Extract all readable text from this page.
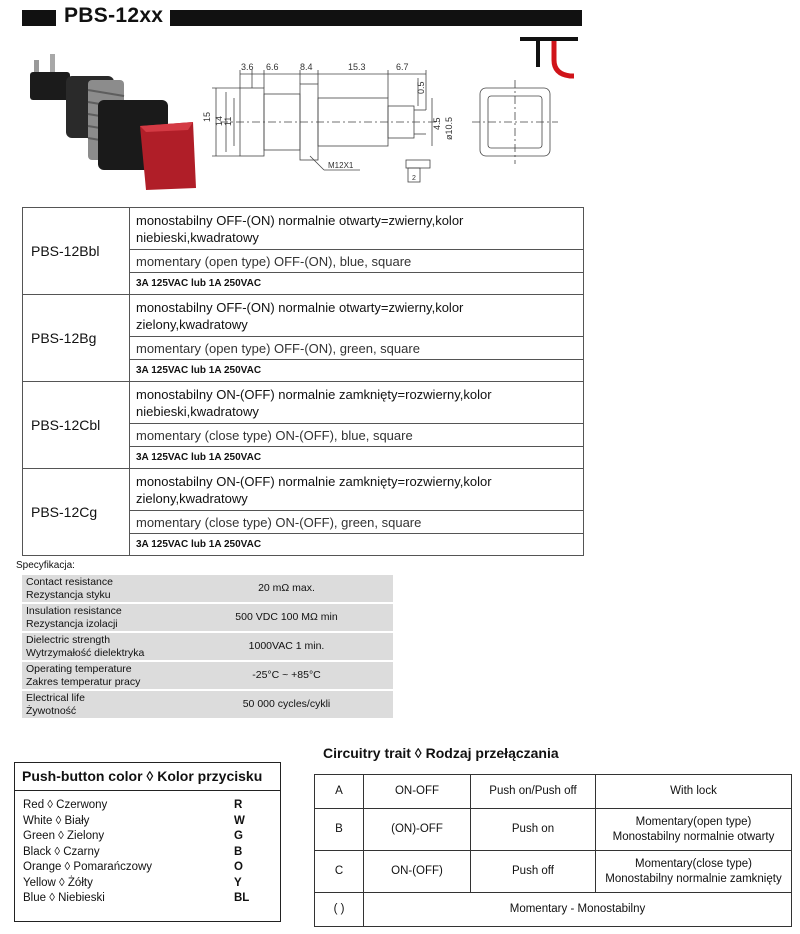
PBS-12xx
3.6 6.6 8.4	15.3	6.7
15 14 11
0.5
4.5 ø10.5
M12X1
2
PBS-12Bbl	monostabilny OFF-(ON) normalnie otwarty=zwierny,kolor niebieski,kwadratowy
	momentary (open type) OFF-(ON), blue, square
	3A 125VAC lub 1A 250VAC
PBS-12Bg	monostabilny OFF-(ON) normalnie otwarty=zwierny,kolor zielony,kwadratowy
	momentary (open type) OFF-(ON), green, square
	3A 125VAC lub 1A 250VAC
PBS-12Cbl	monostabilny ON-(OFF) normalnie zamknięty=rozwierny,kolor niebieski,kwadratowy
	momentary (close type) ON-(OFF), blue, square
	3A 125VAC lub 1A 250VAC
PBS-12Cg	monostabilny ON-(OFF) normalnie zamknięty=rozwierny,kolor zielony,kwadratowy
	momentary (close type) ON-(OFF), green, square
	3A 125VAC lub 1A 250VAC
Specyfikacja:
Contact resistance
Rezystancja styku	20 mΩ max.

Insulation resistance
Rezystancja izolacji	500 VDC 100 MΩ min

Dielectric strength
Wytrzymałość dielektryka	1000VAC 1 min.

Operating temperature
Zakres temperatur pracy	-25°C ~ +85°C

Electrical life
Żywotność	50 000 cycles/cykli
Push-button color ◊ Kolor przycisku
Red ◊ Czerwony	R
White ◊ Biały	W
Green ◊ Zielony	G
Black ◊ Czarny	B
Orange ◊ Pomarańczowy	O
Yellow ◊ Żółty	Y
Blue ◊ Niebieski	BL
Circuitry trait ◊ Rodzaj przełączania
A	ON-OFF	Push on/Push off	With lock

B	(ON)-OFF	Push on	Momentary(open type)
Monostabilny normalnie otwarty

C	ON-(OFF)	Push off	Momentary(close type)
Monostabilny normalnie zamknięty

( )	Momentary - Monostabilny		
